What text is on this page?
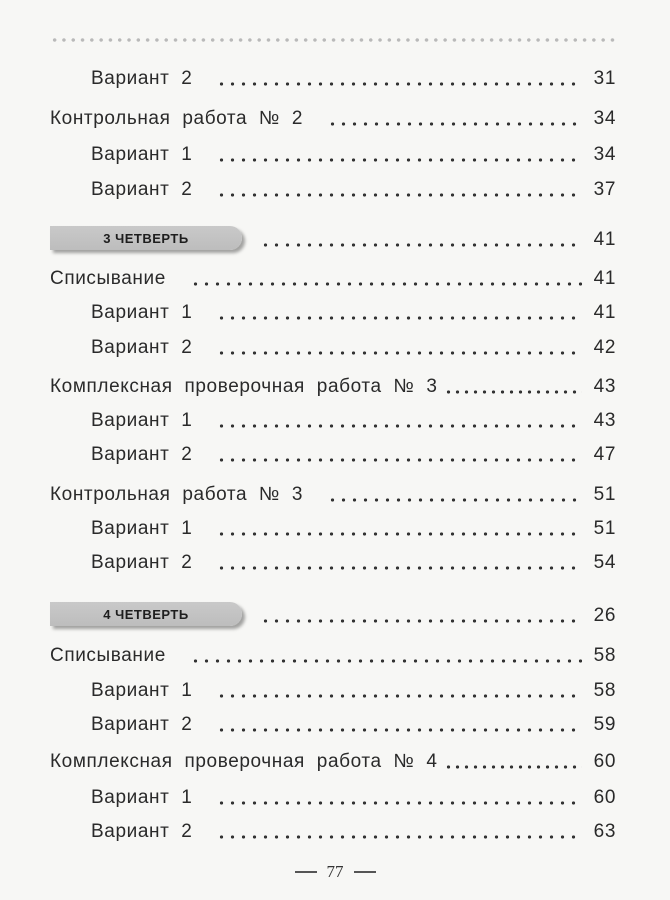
Вариант 2	31
Контрольная работа № 2	34
Вариант 1	34
Вариант 2	37
3 ЧЕТВЕРТЬ	41
Списывание	41
Вариант 1	41
Вариант 2	42
Комплексная проверочная работа № 3	43
Вариант 1	43
Вариант 2	47
Контрольная работа № 3	51
Вариант 1	51
Вариант 2	54
4 ЧЕТВЕРТЬ	26
Списывание	58
Вариант 1	58
Вариант 2	59
Комплексная проверочная работа № 4	60
Вариант 1	60
Вариант 2	63
77
